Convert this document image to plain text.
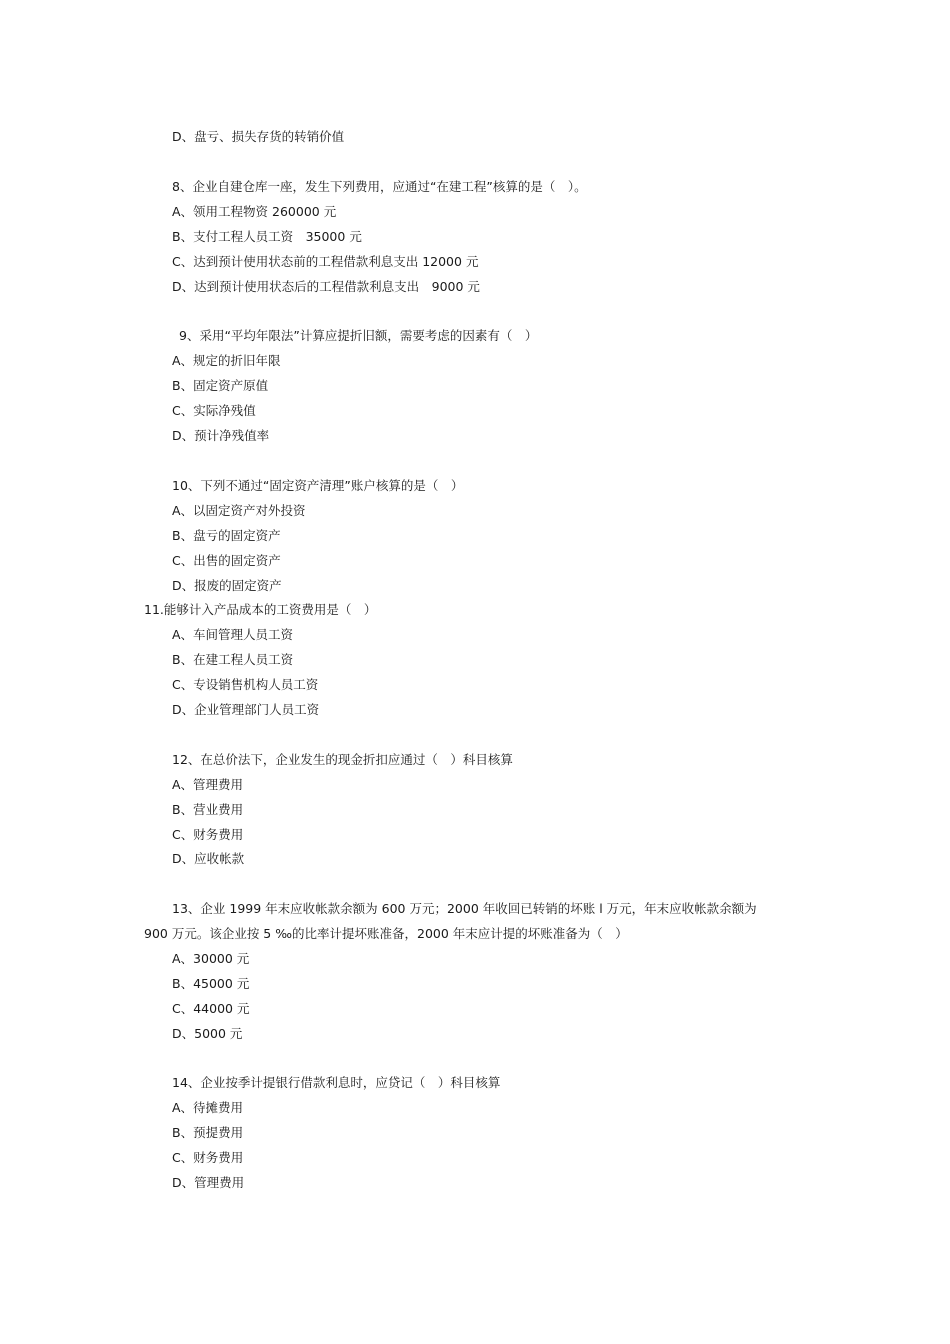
D、盘亏、损失存货的转销价值
8、企业自建仓库一座，发生下列费用，应通过“在建工程”核算的是（　）。
A、领用工程物资 260000 元
B、支付工程人员工资　35000 元
C、达到预计使用状态前的工程借款利息支出 12000 元
D、达到预计使用状态后的工程借款利息支出　9000 元
9、采用“平均年限法”计算应提折旧额，需要考虑的因素有（　）
A、规定的折旧年限
B、固定资产原值
C、实际净残值
D、预计净残值率
10、下列不通过“固定资产清理”账户核算的是（　）
A、以固定资产对外投资
B、盘亏的固定资产
C、出售的固定资产
D、报废的固定资产
11.能够计入产品成本的工资费用是（　）
A、车间管理人员工资
B、在建工程人员工资
C、专设销售机构人员工资
D、企业管理部门人员工资
12、在总价法下，企业发生的现金折扣应通过（　）科目核算
A、管理费用
B、营业费用
C、财务费用
D、应收帐款
13、企业 1999 年末应收帐款余额为 600 万元；2000 年收回已转销的坏账 l 万元，年末应收帐款余额为
900 万元。该企业按 5 ‰的比率计提坏账准备，2000 年末应计提的坏账准备为（　）
A、30000 元
B、45000 元
C、44000 元
D、5000 元
14、企业按季计提银行借款利息时，应贷记（　）科目核算
A、待摊费用
B、预提费用
C、财务费用
D、管理费用
